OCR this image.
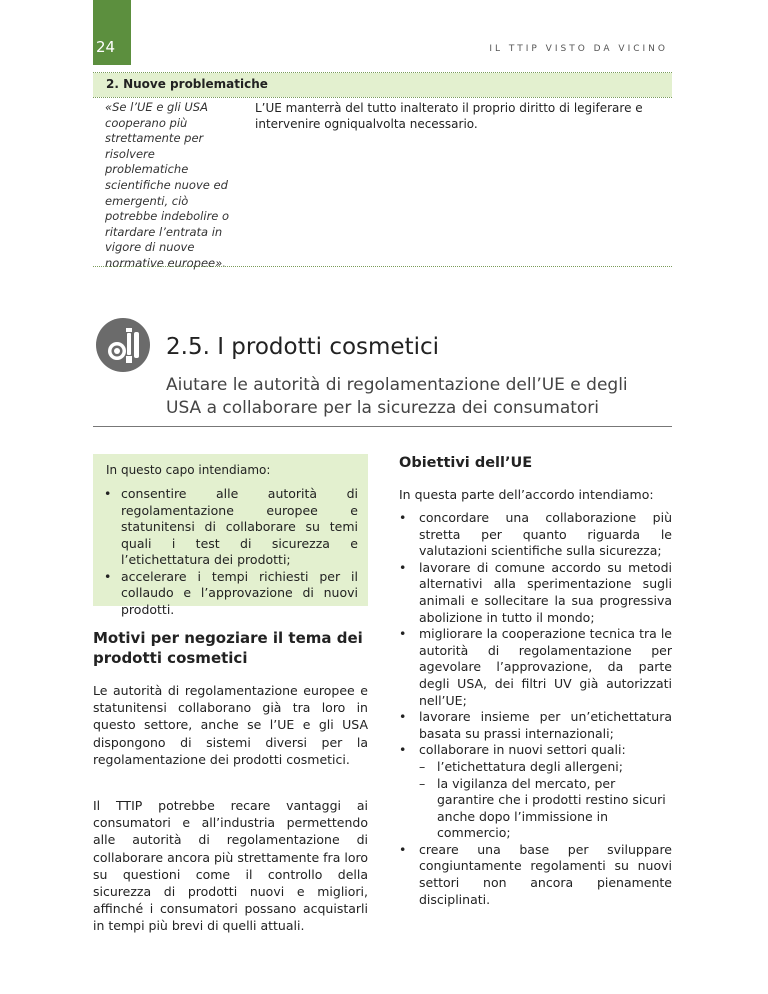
24	IL TTIP VISTO DA VICINO
2. Nuove problematiche
«Se l’UE e gli USA cooperano più strettamente per risolvere problematiche scientifiche nuove ed emergenti, ciò potrebbe indebolire o ritardare l’entrata in vigore di nuove normative europee».
L’UE manterrà del tutto inalterato il proprio diritto di legiferare e intervenire ogniqualvolta necessario.
2.5. I prodotti cosmetici
Aiutare le autorità di regolamentazione dell’UE e degli USA a collaborare per la sicurezza dei consumatori
In questo capo intendiamo:
• consentire alle autorità di regolamentazione europee e statunitensi di collaborare su temi quali i test di sicurezza e l’etichettatura dei prodotti;
• accelerare i tempi richiesti per il collaudo e l’approvazione di nuovi prodotti.
Motivi per negoziare il tema dei prodotti cosmetici
Le autorità di regolamentazione europee e statunitensi collaborano già tra loro in questo settore, anche se l’UE e gli USA dispongono di sistemi diversi per la regolamentazione dei prodotti cosmetici.
Il TTIP potrebbe recare vantaggi ai consumatori e all’industria permettendo alle autorità di regolamentazione di collaborare ancora più strettamente fra loro su questioni come il controllo della sicurezza di prodotti nuovi e migliori, affinché i consumatori possano acquistarli in tempi più brevi di quelli attuali.
Obiettivi dell’UE
In questa parte dell’accordo intendiamo:
• concordare una collaborazione più stretta per quanto riguarda le valutazioni scientifiche sulla sicurezza;
• lavorare di comune accordo su metodi alternativi alla sperimentazione sugli animali e sollecitare la sua progressiva abolizione in tutto il mondo;
• migliorare la cooperazione tecnica tra le autorità di regolamentazione per agevolare l’approvazione, da parte degli USA, dei filtri UV già autorizzati nell’UE;
• lavorare insieme per un’etichettatura basata su prassi internazionali;
• collaborare in nuovi settori quali:
– l’etichettatura degli allergeni;
– la vigilanza del mercato, per garantire che i prodotti restino sicuri anche dopo l’immissione in commercio;
• creare una base per sviluppare congiuntamente regolamenti su nuovi settori non ancora pienamente disciplinati.
